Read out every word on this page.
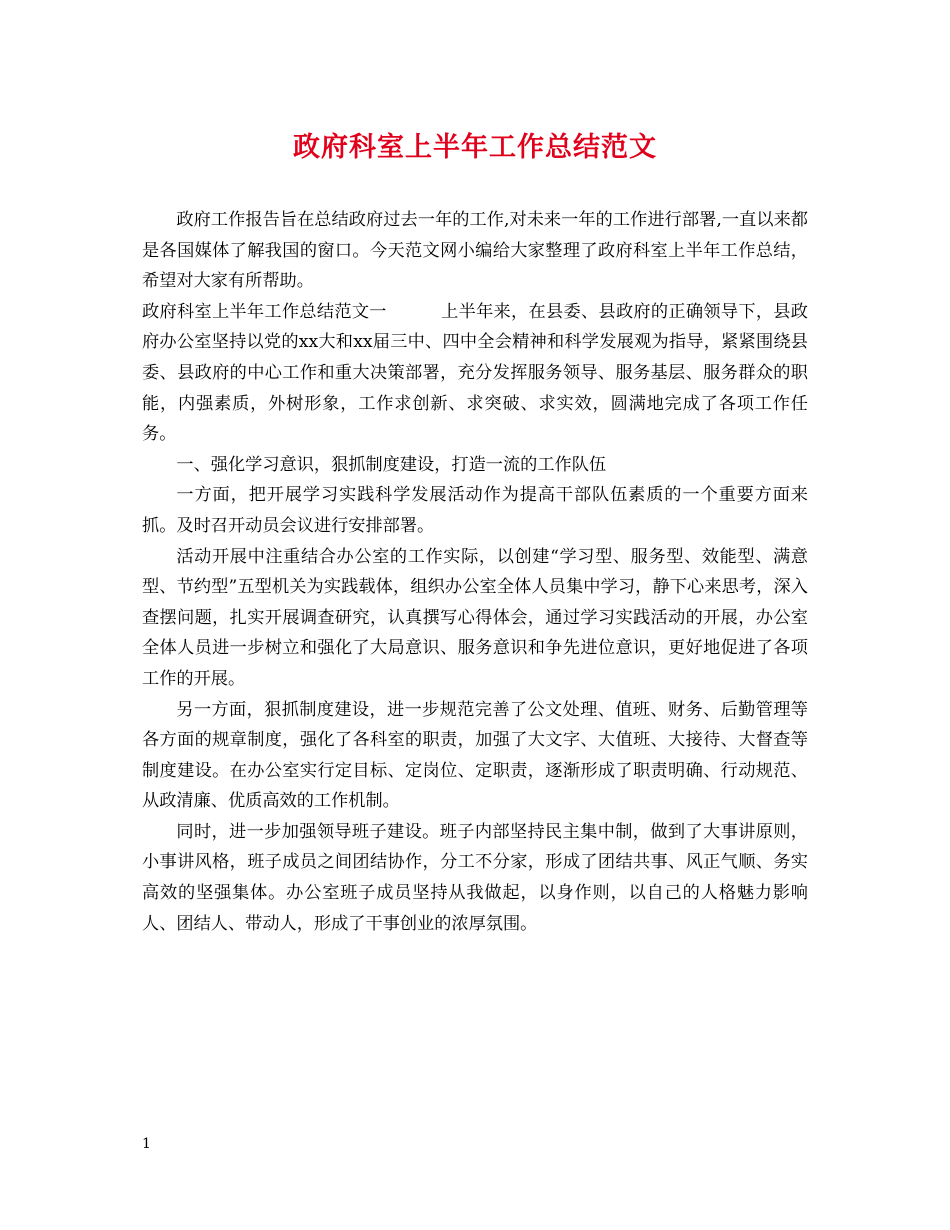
政府科室上半年工作总结范文

政府工作报告旨在总结政府过去一年的工作,对未来一年的工作进行部署,一直以来都是各国媒体了解我国的窗口。今天范文网小编给大家整理了政府科室上半年工作总结，希望对大家有所帮助。

政府科室上半年工作总结范文一	上半年来，在县委、县政府的正确领导下，县政府办公室坚持以党的xx大和xx届三中、四中全会精神和科学发展观为指导，紧紧围绕县委、县政府的中心工作和重大决策部署，充分发挥服务领导、服务基层、服务群众的职能，内强素质，外树形象，工作求创新、求突破、求实效，圆满地完成了各项工作任务。

一、强化学习意识，狠抓制度建设，打造一流的工作队伍

一方面，把开展学习实践科学发展活动作为提高干部队伍素质的一个重要方面来抓。及时召开动员会议进行安排部署。

活动开展中注重结合办公室的工作实际，以创建“学习型、服务型、效能型、满意型、节约型”五型机关为实践载体，组织办公室全体人员集中学习，静下心来思考，深入查摆问题，扎实开展调查研究，认真撰写心得体会，通过学习实践活动的开展，办公室全体人员进一步树立和强化了大局意识、服务意识和争先进位意识，更好地促进了各项工作的开展。

另一方面，狠抓制度建设，进一步规范完善了公文处理、值班、财务、后勤管理等各方面的规章制度，强化了各科室的职责，加强了大文字、大值班、大接待、大督查等制度建设。在办公室实行定目标、定岗位、定职责，逐渐形成了职责明确、行动规范、从政清廉、优质高效的工作机制。

同时，进一步加强领导班子建设。班子内部坚持民主集中制，做到了大事讲原则，小事讲风格，班子成员之间团结协作，分工不分家，形成了团结共事、风正气顺、务实高效的坚强集体。办公室班子成员坚持从我做起，以身作则，以自己的人格魅力影响人、团结人、带动人，形成了干事创业的浓厚氛围。

1
